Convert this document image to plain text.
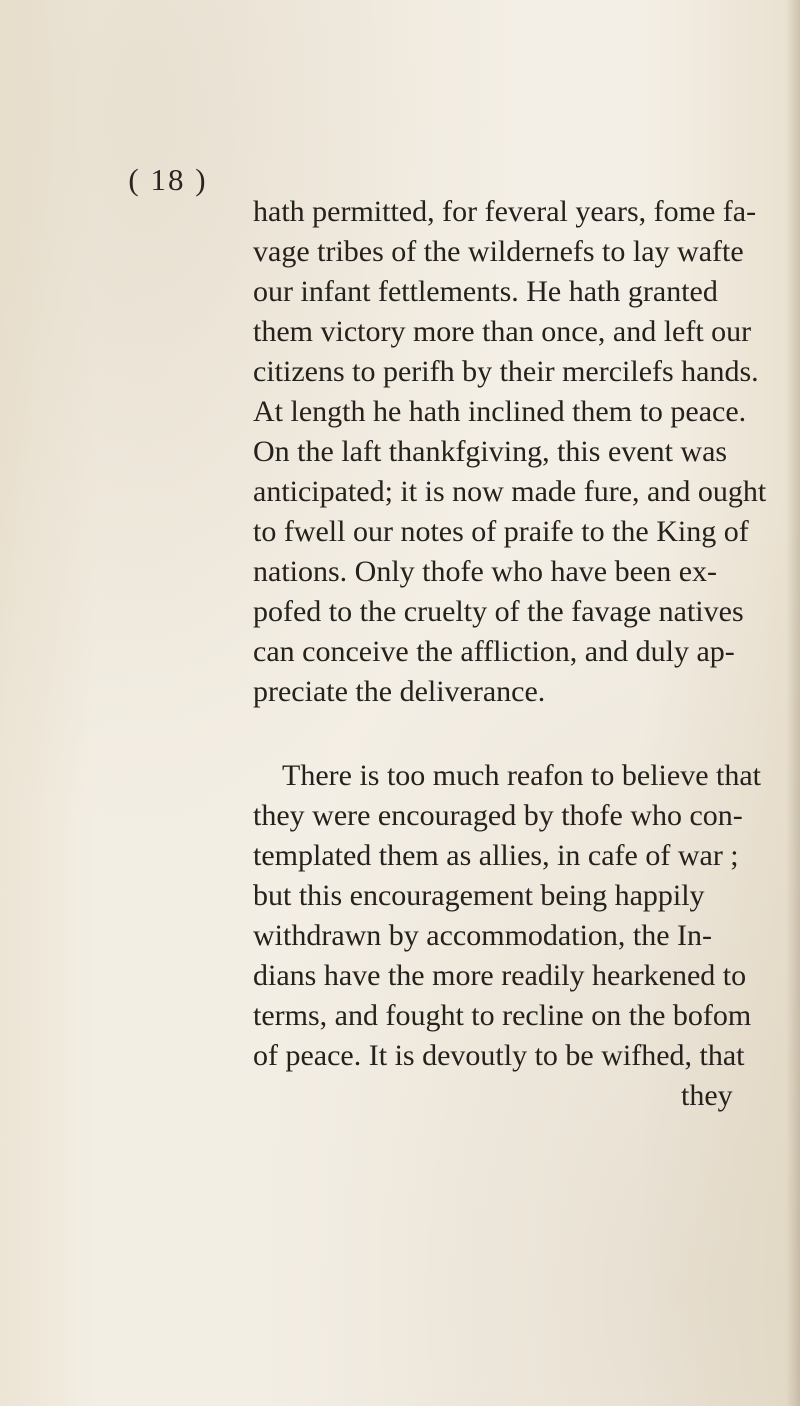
( 18 )
hath permitted, for feveral years, fome fa-
vage tribes of the wildernefs to lay wafte
our infant fettlements. He hath granted
them victory more than once, and left our
citizens to perifh by their mercilefs hands.
At length he hath inclined them to peace.
On the laft thankfgiving, this event was
anticipated; it is now made fure, and ought
to fwell our notes of praife to the King of
nations. Only thofe who have been ex-
pofed to the cruelty of the favage natives
can conceive the affliction, and duly ap-
preciate the deliverance.
There is too much reafon to believe that
they were encouraged by thofe who con-
templated them as allies, in cafe of war ;
but this encouragement being happily
withdrawn by accommodation, the In-
dians have the more readily hearkened to
terms, and fought to recline on the bofom
of peace. It is devoutly to be wifhed, that
they
